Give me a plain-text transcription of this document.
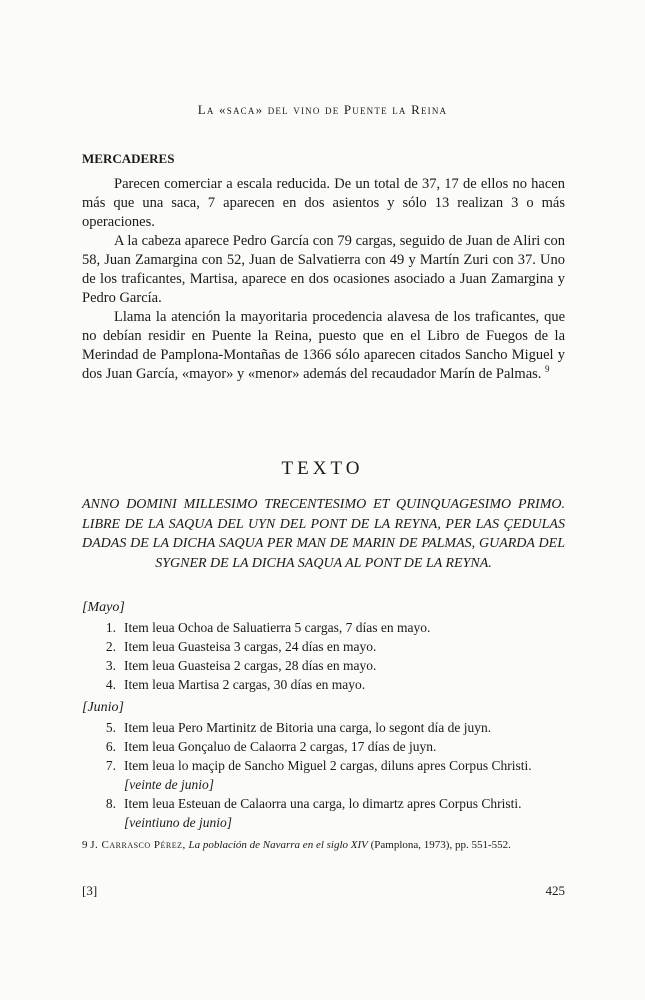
La «saca» del vino de Puente la Reina
MERCADERES

Parecen comerciar a escala reducida. De un total de 37, 17 de ellos no hacen más que una saca, 7 aparecen en dos asientos y sólo 13 realizan 3 o más operaciones.

A la cabeza aparece Pedro García con 79 cargas, seguido de Juan de Aliri con 58, Juan Zamargina con 52, Juan de Salvatierra con 49 y Martín Zuri con 37. Uno de los traficantes, Martisa, aparece en dos ocasiones asociado a Juan Zamargina y Pedro García.

Llama la atención la mayoritaria procedencia alavesa de los traficantes, que no debían residir en Puente la Reina, puesto que en el Libro de Fuegos de la Merindad de Pamplona-Montañas de 1366 sólo aparecen citados Sancho Miguel y dos Juan García, «mayor» y «menor» además del recaudador Marín de Palmas. $^9$

TEXTO
ANNO DOMINI MILLESIMO TRECENTESIMO ET QUINQUAGESIMO PRIMO. LIBRE DE LA SAQUA DEL UYN DEL PONT DE LA REYNA, PER LAS ÇEDULAS DADAS DE LA DICHA SAQUA PER MAN DE MARIN DE PALMAS, GUARDA DEL SYGNER DE LA DICHA SAQUA AL PONT DE LA REYNA.
[Mayo]
1. Item leua Ochoa de Saluatierra 5 cargas, 7 días en mayo.
2. Item leua Guasteisa 3 cargas, 24 días en mayo.
3. Item leua Guasteisa 2 cargas, 28 días en mayo.
4. Item leua Martisa 2 cargas, 30 días en mayo.
[Junio]
5. Item leua Pero Martinitz de Bitoria una carga, lo segont día de juyn.
6. Item leua Gonçaluo de Calaorra 2 cargas, 17 días de juyn.
7. Item leua lo maçip de Sancho Miguel 2 cargas, diluns apres Corpus Christi.
[veinte de junio]
8. Item leua Esteuan de Calaorra una carga, lo dimartz apres Corpus Christi.
[veintiuno de junio]
9 J. Carrasco Pérez, La población de Navarra en el siglo XIV (Pamplona, 1973), pp. 551-552.
[3]	425
